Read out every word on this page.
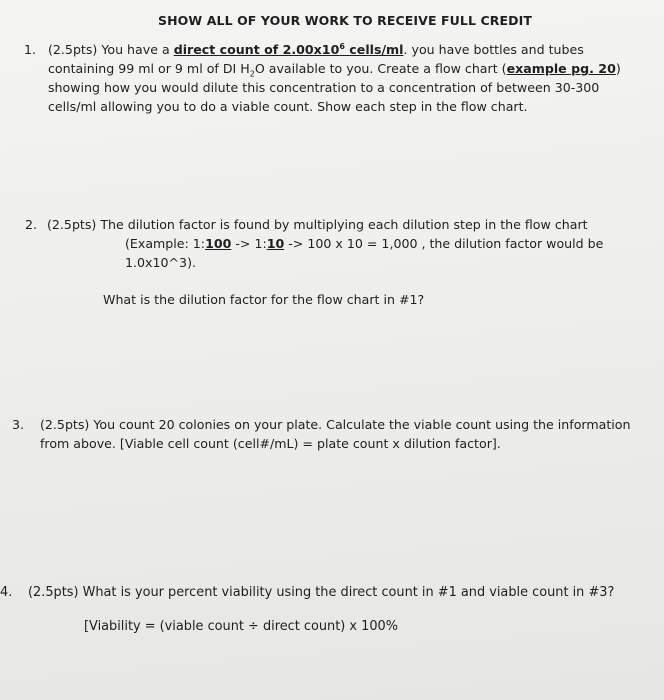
SHOW ALL OF YOUR WORK TO RECEIVE FULL CREDIT
1. (2.5pts) You have a direct count of $2.00x10^6$ cells/ml. you have bottles and tubes containing 99 ml or 9 ml of DI $H_2O$ available to you. Create a flow chart (example pg. 20) showing how you would dilute this concentration to a concentration of between 30-300 cells/ml allowing you to do a viable count. Show each step in the flow chart.
2. (2.5pts) The dilution factor is found by multiplying each dilution step in the flow chart
(Example: 1:100 -> 1:10 -> 100 x 10 = 1,000 , the dilution factor would be 1.0x10^3).
What is the dilution factor for the flow chart in #1?
3. (2.5pts) You count 20 colonies on your plate. Calculate the viable count using the information from above. [Viable cell count (cell#/mL) = plate count x dilution factor].
4. (2.5pts) What is your percent viability using the direct count in #1 and viable count in #3?
[Viability = (viable count ÷ direct count) x 100%
